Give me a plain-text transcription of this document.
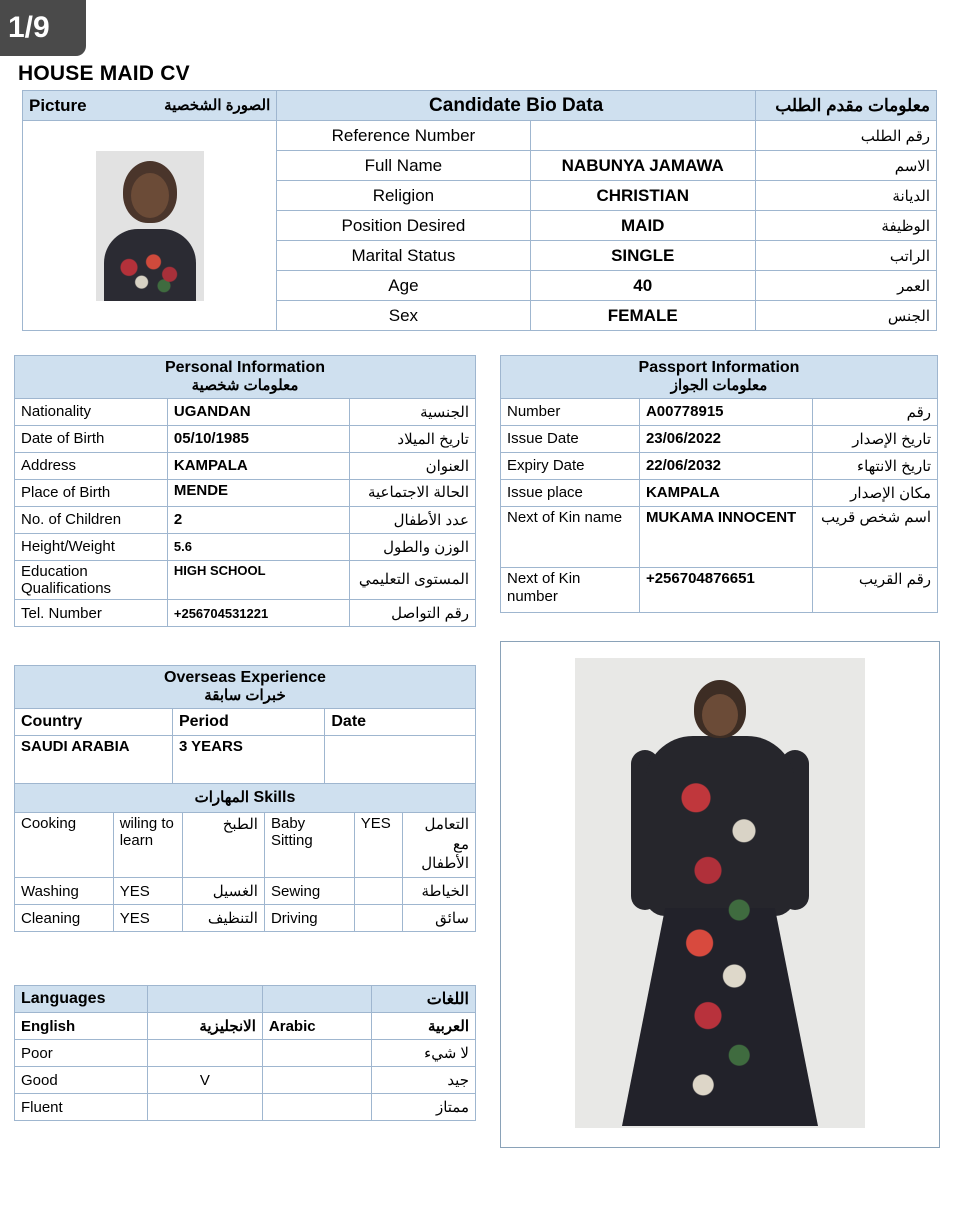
1/9
HOUSE MAID CV
الصورة الشخصية
Picture	Candidate Bio Data		معلومات مقدم الطلب

	Reference Number		رقم الطلب
	Full Name	NABUNYA JAMAWA	الاسم
	Religion	CHRISTIAN	الديانة
	Position Desired	MAID	الوظيفة
	Marital Status	SINGLE	الراتب
	Age	40	العمر
	Sex	FEMALE	الجنس
Personal Information
معلومات شخصية		

Nationality	UGANDAN	الجنسية
Date of Birth	05/10/1985	تاريخ الميلاد
Address	KAMPALA	العنوان
Place of Birth	MENDE	الحالة الاجتماعية
No. of Children	2	عدد الأطفال
Height/Weight	5.6	الوزن والطول
Education Qualifications	HIGH SCHOOL	المستوى التعليمي
Tel. Number	+256704531221	رقم التواصل
Passport Information
معلومات الجواز		

Number	A00778915	رقم
Issue Date	23/06/2022	تاريخ الإصدار
Expiry Date	22/06/2032	تاريخ الانتهاء
Issue place	KAMPALA	مكان الإصدار
Next of Kin name	MUKAMA INNOCENT	اسم شخص قريب
Next of Kin number	+256704876651	رقم القريب
Overseas Experience
خبرات سابقة		

Country	Period	Date
SAUDI ARABIA	3 YEARS	
المهارات Skills					
Cooking	wiling to learn	الطبخ	Baby Sitting	YES	التعامل مع الأطفال
Washing	YES	الغسيل	Sewing		الخياطة
Cleaning	YES	التنظيف	Driving		سائق
Languages			اللغات
English	الانجليزية	Arabic	العربية
Poor			لا شيء
Good	V		جيد
Fluent			ممتاز
